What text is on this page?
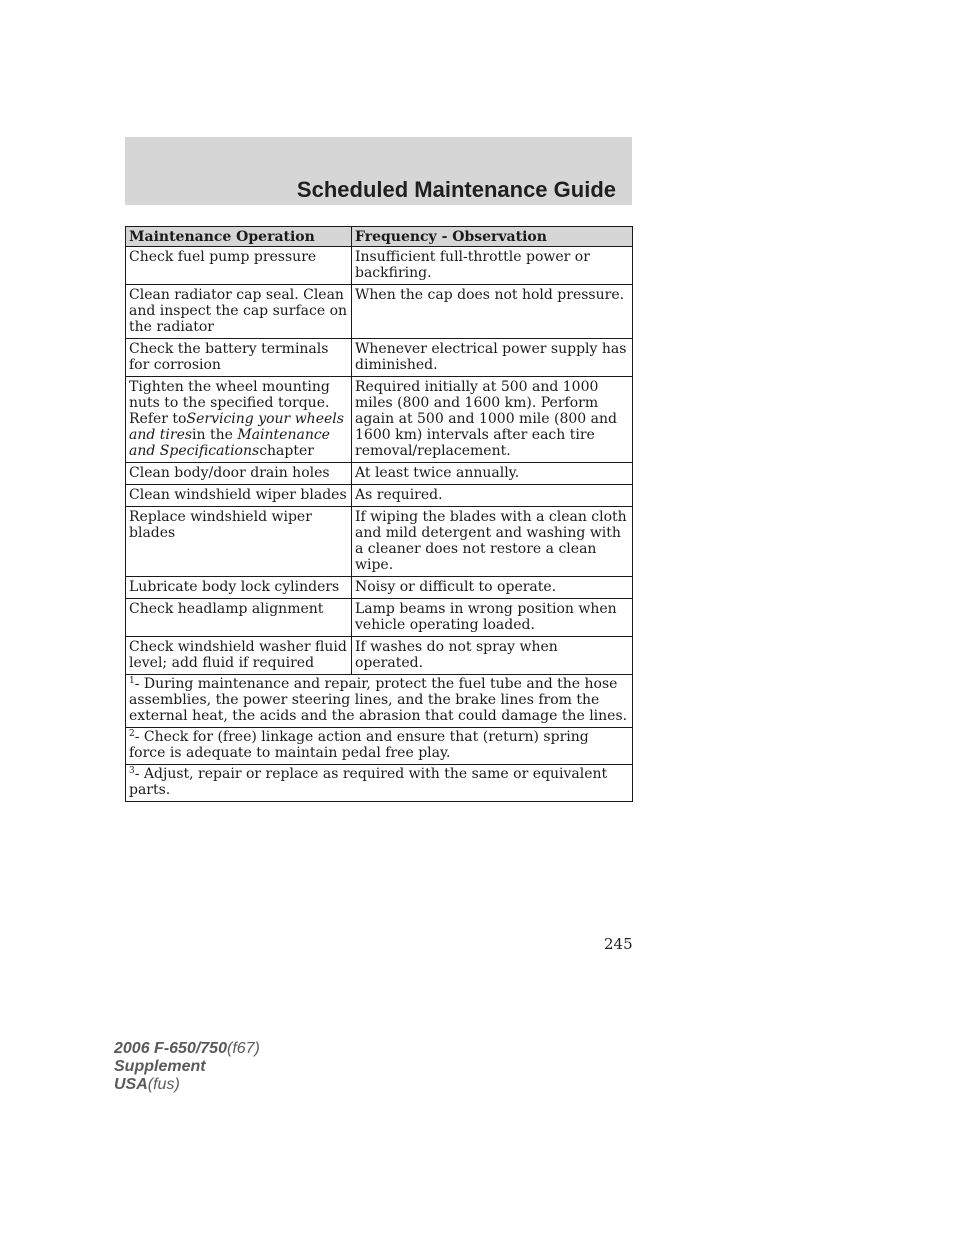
Scheduled Maintenance Guide
Maintenance Operation	Frequency - Observation
Check fuel pump pressure	Insufficient full-throttle power or backfiring.
Clean radiator cap seal. Clean and inspect the cap surface on the radiator	When the cap does not hold pressure.
Check the battery terminals for corrosion	Whenever electrical power supply has diminished.
Tighten the wheel mounting nuts to the specified torque. Refer toServicing your wheels and tiresin the Maintenance and Specificationschapter	Required initially at 500 and 1000 miles (800 and 1600 km). Perform again at 500 and 1000 mile (800 and 1600 km) intervals after each tire removal/replacement.
Clean body/door drain holes	At least twice annually.
Clean windshield wiper blades	As required.
Replace windshield wiper blades	If wiping the blades with a clean cloth and mild detergent and washing with a cleaner does not restore a clean wipe.
Lubricate body lock cylinders	Noisy or difficult to operate.
Check headlamp alignment	Lamp beams in wrong position when vehicle operating loaded.
Check windshield washer fluid level; add fluid if required	If washes do not spray when operated.
$^1$- During maintenance and repair, protect the fuel tube and the hose assemblies, the power steering lines, and the brake lines from the external heat, the acids and the abrasion that could damage the lines.	
$^2$- Check for (free) linkage action and ensure that (return) spring force is adequate to maintain pedal free play.	
$^3$- Adjust, repair or replace as required with the same or equivalent parts.	
245
2006 F-650/750(f67)
Supplement
USA(fus)
